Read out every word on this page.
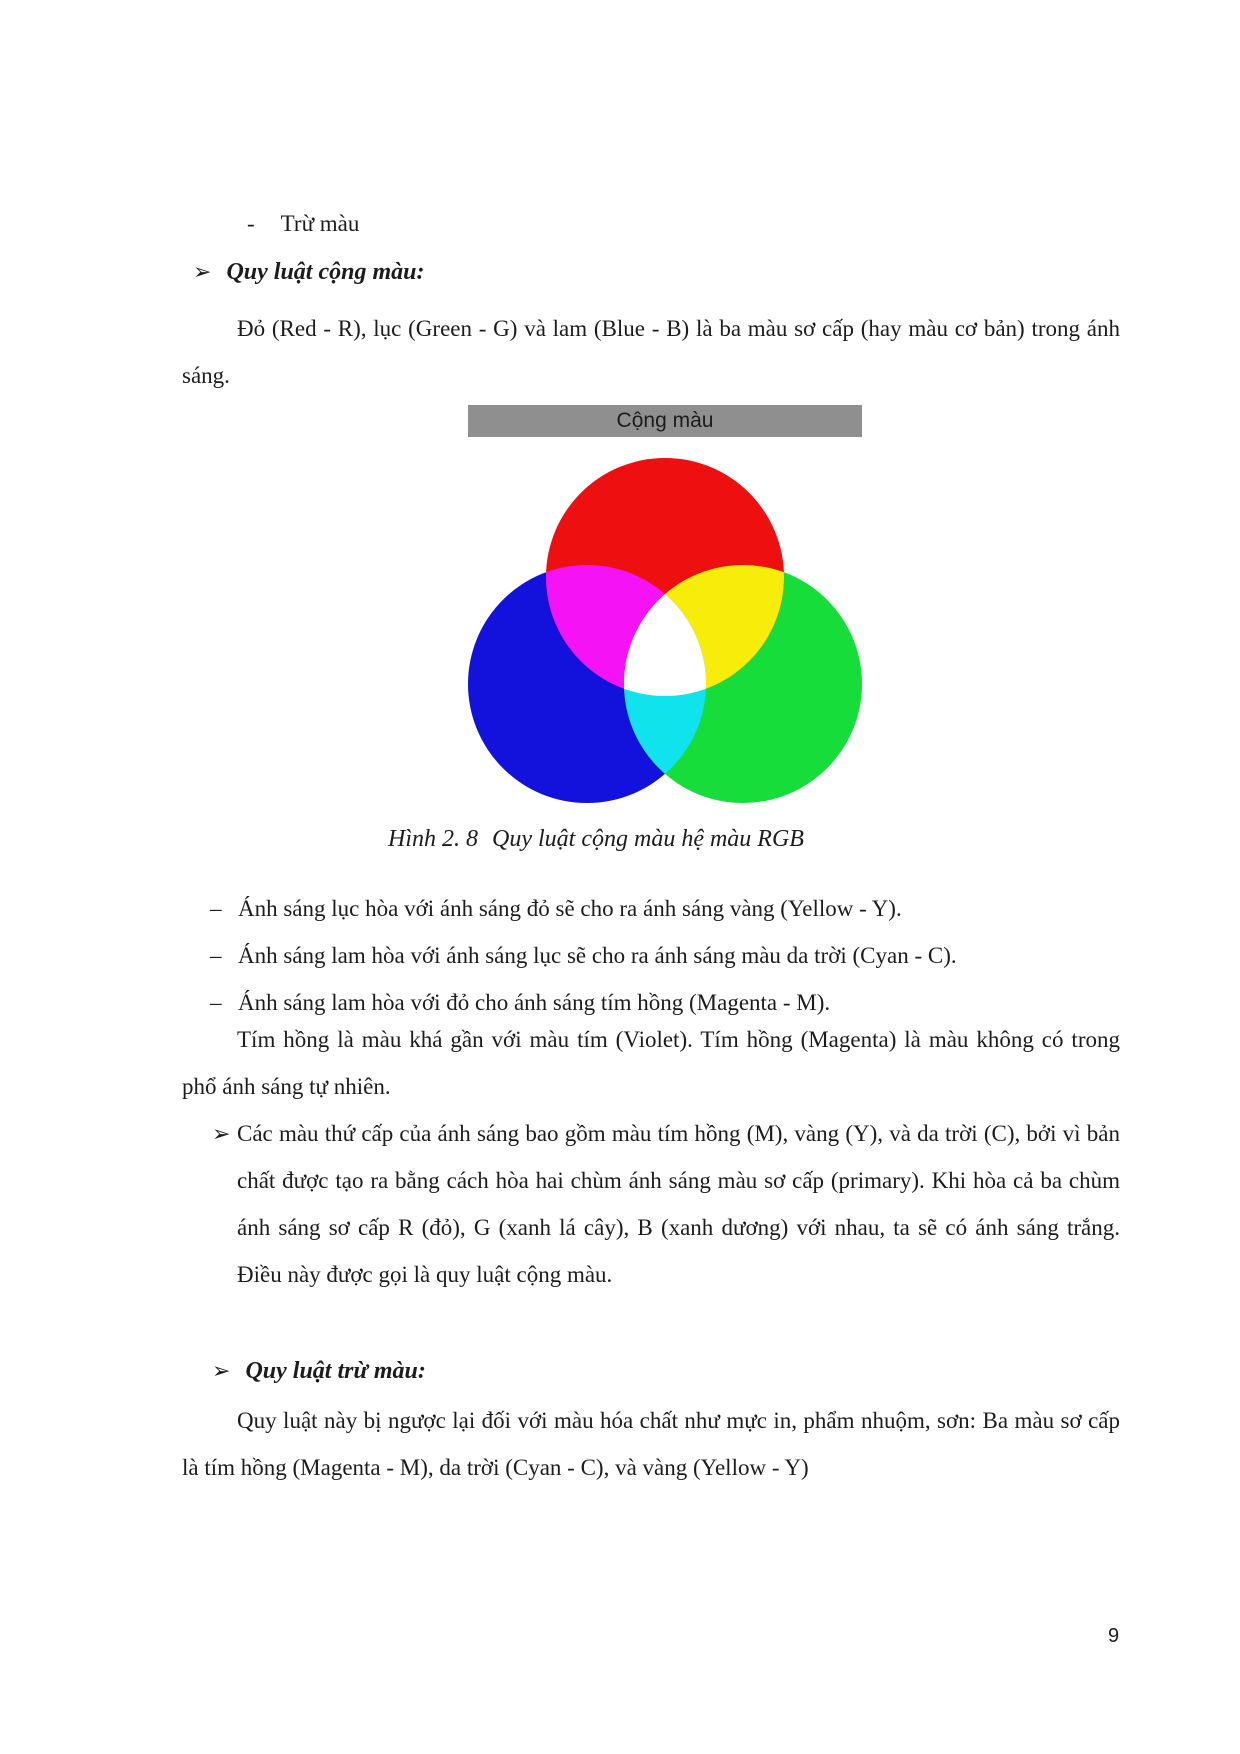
- Trừ màu
➢ Quy luật cộng màu:
Đỏ (Red - R), lục (Green - G) và lam (Blue - B) là ba màu sơ cấp (hay màu cơ bản) trong ánh sáng.
Cộng màu
Hình 2. 8 Quy luật cộng màu hệ màu RGB
– Ánh sáng lục hòa với ánh sáng đỏ sẽ cho ra ánh sáng vàng (Yellow - Y).
– Ánh sáng lam hòa với ánh sáng lục sẽ cho ra ánh sáng màu da trời (Cyan - C).
– Ánh sáng lam hòa với đỏ cho ánh sáng tím hồng (Magenta - M).
Tím hồng là màu khá gần với màu tím (Violet). Tím hồng (Magenta) là màu không có trong phổ ánh sáng tự nhiên.
➢ Các màu thứ cấp của ánh sáng bao gồm màu tím hồng (M), vàng (Y), và da trời (C), bởi vì bản chất được tạo ra bằng cách hòa hai chùm ánh sáng màu sơ cấp (primary). Khi hòa cả ba chùm ánh sáng sơ cấp R (đỏ), G (xanh lá cây), B (xanh dương) với nhau, ta sẽ có ánh sáng trắng. Điều này được gọi là quy luật cộng màu.
➢ Quy luật trừ màu:
Quy luật này bị ngược lại đối với màu hóa chất như mực in, phẩm nhuộm, sơn: Ba màu sơ cấp là tím hồng (Magenta - M), da trời (Cyan - C), và vàng (Yellow - Y)
9
